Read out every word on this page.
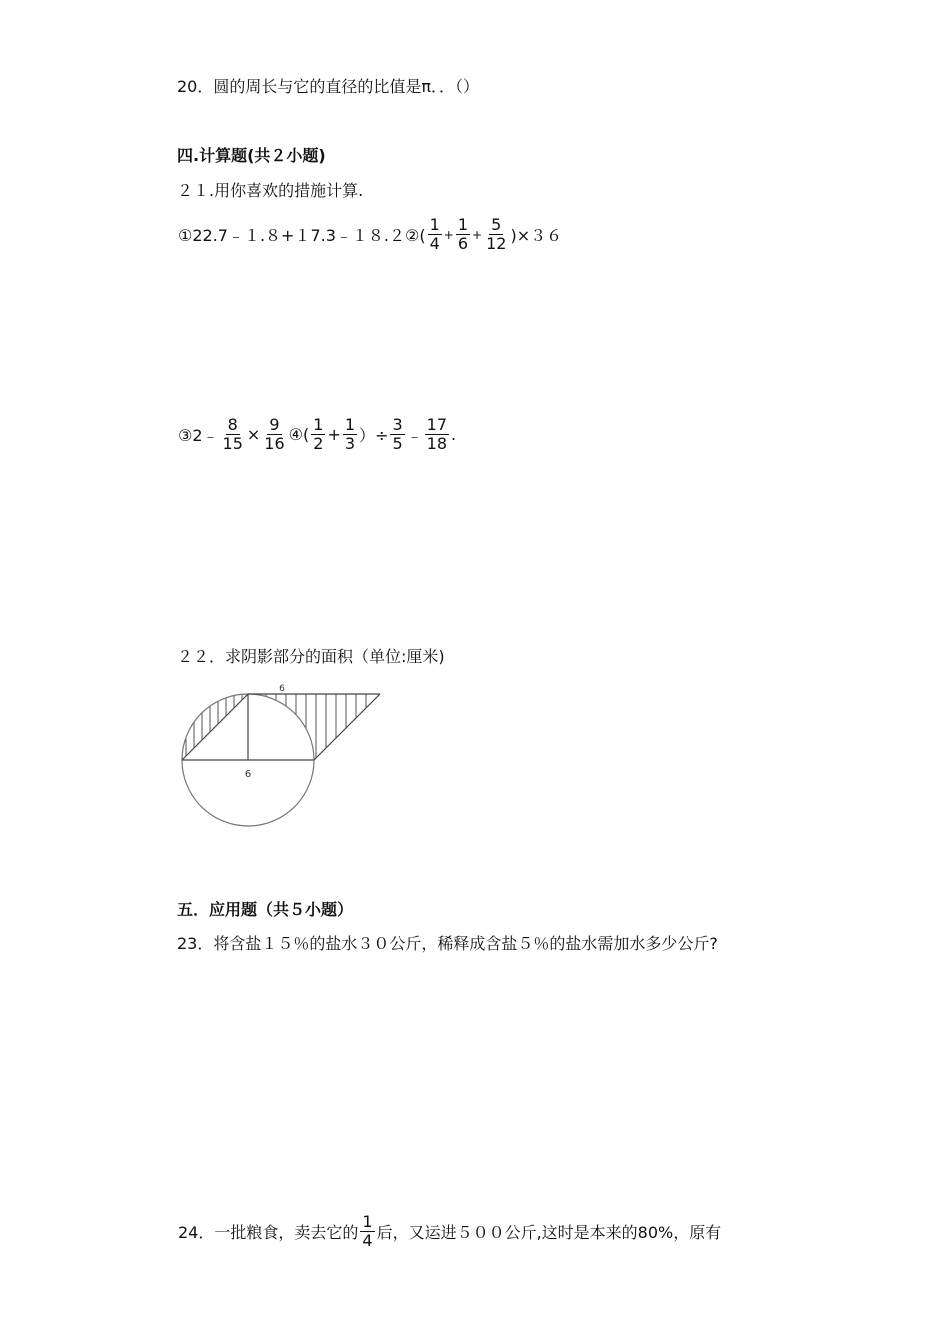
20．圆的周长与它的直径的比值是π．．（）
四.计算题(共２小题)
２１.用你喜欢的措施计算.
①22.7﹣１.８+１7.3﹣１８.２②( $\frac{1}{4} + \frac{1}{6} + \frac{5}{12} )\times 36$
③2﹣ $\frac{8}{15} \times \frac{9}{16}$ ④( $\frac{1}{2} + \frac{1}{3}$ ）÷ $\frac{3}{5}$ ﹣ $\frac{17}{18}$ .
２２．求阴影部分的面积（单位:厘米)
6
6
五．应用题（共５小题）
23．将含盐１５％的盐水３０公斤，稀释成含盐５％的盐水需加水多少公斤?
24．一批粮食，卖去它的 $\frac{1}{4}$ 后，又运进５００公斤,这时是本来的80%，原有
